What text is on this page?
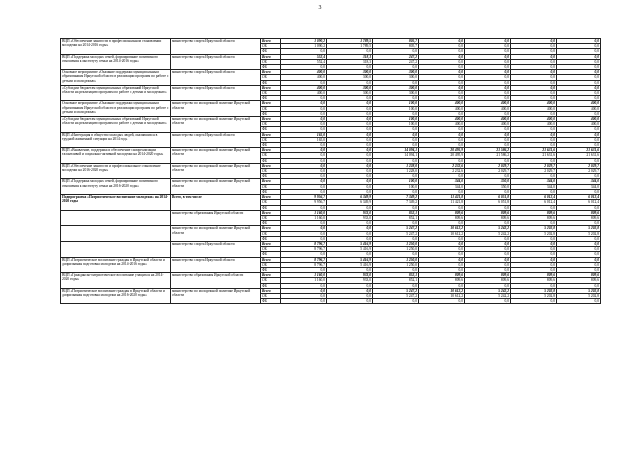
3
ВЦП «Обеспечение занятости в профессиональном становлении молодежи на 2014-2016 годы»	министерство спорта Иркутской области	Всего	1 090,2	1 789,5	805,7	0,0	0,0	0,0	0,0
		ОБ	1 090,2	1 789,5	805,7	0,0	0,0	0,0	0,0
		ФБ	0,0	0,0	0,0	0,0	0,0	0,0	0,0
ВЦП «Поддержка молодых семей, формирование позитивного отношения к институту семьи на 2014-2016 годы»	министерство спорта Иркутской области	Всего	552,4	318,3	247,2	0,0	0,0	0,0	0,0
		ОБ	552,4	318,3	247,2	0,0	0,0	0,0	0,0
		ФБ	0,0	0,0	0,0	0,0	0,0	0,0	0,0
Основное мероприятие «Оказание поддержки муниципальным образованиям Иркутской области в реализации программ по работе с детьми и молодежью»	министерство спорта Иркутской области	Всего	400,0	300,0	300,0	0,0	0,0	0,0	0,0
		ОБ	400,0	300,0	300,0	0,0	0,0	0,0	0,0
		ФБ	0,0	0,0	0,0	0,0	0,0	0,0	0,0
«Субсидии бюджетам муниципальных образований Иркутской области на реализацию программ по работе с детьми и молодежью»	министерство спорта Иркутской области	Всего	400,0	300,0	300,0	0,0	0,0	0,0	0,0
		ОБ	400,0	300,0	300,0	0,0	0,0	0,0	0,0
		ФБ	0,0	0,0	0,0	0,0	0,0	0,0	0,0
Основное мероприятие «Оказание поддержки муниципальным образованиям Иркутской области в реализации программ по работе с детьми и молодежью»	министерство по молодежной политике Иркутской области	Всего	0,0	0,0	100,0	400,0	400,0	400,0	400,0
		ОБ	0,0	0,0	100,0	400,0	400,0	400,0	400,0
		ФБ	0,0	0,0	0,0	0,0	0,0	0,0	0,0
«Субсидии бюджетам муниципальных образований Иркутской области на реализацию программ по работе с детьми и молодежью»	министерство по молодежной политике Иркутской области	Всего	0,0	0,0	100,0	400,0	400,0	400,0	400,0
		ОБ	0,0	0,0	100,0	400,0	400,0	400,0	400,0
		ФБ	0,0	0,0	0,0	0,0	0,0	0,0	0,0
ВЦП «Интеграция в общество молодых людей, оказавшихся в трудной жизненной ситуации на 2014 год»	министерство спорта Иркутской области	Всего	165,0	0,0	0,0	0,0	0,0	0,0	0,0
		ОБ	165,0	0,0	0,0	0,0	0,0	0,0	0,0
		ФБ	0,0	0,0	0,0	0,0	0,0	0,0	0,0
ВЦП «Выявление, поддержка и обеспечение самореализации талантливой и социально-активной молодежи на 2014-2020 годы»	министерство по молодежной политике Иркутской области	Всего	0,0	0,0	14 094,1	20 495,9	21 586,2	21 631,6	21 631,6
		ОБ	0,0	0,0	14 094,1	20 495,9	21 586,2	21 631,6	21 631,6
		ФБ	0,0	0,0	0,0	0,0	0,0	0,0	0,0
ВЦП «Обеспечение занятости и профессиональное становление молодежи на 2016-2020 годы»	министерство по молодежной политике Иркутской области	Всего	0,0	0,0	1 228,0	2 232,6	2 029,7	2 029,7	2 029,7
		ОБ	0,0	0,0	1 228,0	2 232,6	2 029,7	2 029,7	2 029,7
		ФБ	0,0	0,0	0,0	0,0	0,0	0,0	0,0
ВЦП «Поддержка молодых семей, формирование позитивного отношения к институту семьи на 2016-2020 годы»	министерство по молодежной политике Иркутской области	Всего	0,0	0,0	100,0	344,0	350,0	344,0	344,0
		ОБ	0,0	0,0	100,0	344,0	350,0	344,0	344,0
		ФБ	0,0	0,0	0,0	0,0	0,0	0,0	0,0
Подпрограмма «Патриотическое воспитание молодежи» на 2014-2020 годы	Всего, в том числе	Всего	9 956,7	6 349,9	7 349,2	11 421,8	6 051,8	6 012,4	6 012,4
		ОБ	9 956,7	6 349,9	7 349,2	11 421,8	6 051,8	6 012,4	6 012,4
		ФБ	0,0	0,0	0,0	0,0	0,0	0,0	0,0
	министерство образования Иркутской области	Всего	1 160,0	933,0	852,1	809,6	809,6	809,6	809,6
		ОБ	1 160,0	933,0	852,1	809,6	809,6	809,6	809,6
		ФБ	0,0	0,0	0,0	0,0	0,0	0,0	0,0
	министерство по молодежной политике Иркутской области	Всего	0,0	0,0	5 247,2	10 612,2	5 242,2	5 202,8	5 202,8
		ОБ	0,0	0,0	5 247,2	10 612,2	5 242,2	5 202,8	5 202,8
		ФБ	0,0	0,0	0,0	0,0	0,0	0,0	0,0
	министерство спорта Иркутской области	Всего	8 796,7	5 416,9	1 250,0	0,0	0,0	0,0	0,0
		ОБ	8 796,7	5 416,9	1 250,0	0,0	0,0	0,0	0,0
		ФБ	0,0	0,0	0,0	0,0	0,0	0,0	0,0
ВЦП «Патриотическое воспитание граждан в Иркутской области и допризывная подготовка молодежи на 2014-2016 годы»	министерство спорта Иркутской области	Всего	8 796,7	5 416,9	1 250,0	0,0	0,0	0,0	0,0
		ОБ	8 796,7	5 416,9	1 250,0	0,0	0,0	0,0	0,0
		ФБ	0,0	0,0	0,0	0,0	0,0	0,0	0,0
ВЦП «Гражданско-патриотическое воспитание учащихся на 2014-2020 годы»	министерство образования Иркутской области	Всего	1 160,0	933,0	852,1	809,6	809,6	809,6	809,6
		ОБ	1 160,0	933,0	852,1	809,6	809,6	809,6	809,6
		ФБ	0,0	0,0	0,0	0,0	0,0	0,0	0,0
ВЦП «Патриотическое воспитание граждан в Иркутской области и допризывная подготовка молодежи на 2016-2020 годы»	министерство по молодежной политике Иркутской области	Всего	0,0	0,0	5 247,2	10 612,2	5 242,2	5 202,8	5 202,8
		ОБ	0,0	0,0	5 247,2	10 612,2	5 242,2	5 202,8	5 202,8
		ФБ	0,0	0,0	0,0	0,0	0,0	0,0	0,0
